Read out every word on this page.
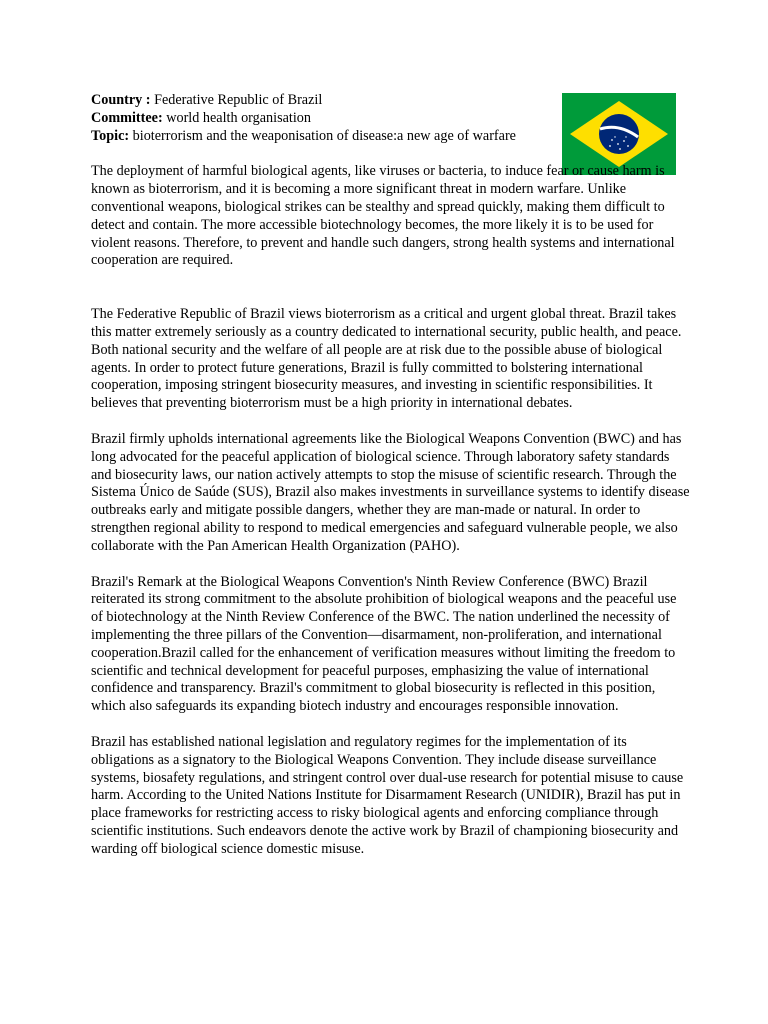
Country : Federative Republic of Brazil

Committee: world health organisation

Topic: bioterrorism and the weaponisation of disease:a new age of warfare

The deployment of harmful biological agents, like viruses or bacteria, to induce fear or cause harm is known as bioterrorism, and it is becoming a more significant threat in modern warfare. Unlike conventional weapons, biological strikes can be stealthy and spread quickly, making them difficult to detect and contain. The more accessible biotechnology becomes, the more likely it is to be used for violent reasons. Therefore, to prevent and handle such dangers, strong health systems and international cooperation are required.

The Federative Republic of Brazil views bioterrorism as a critical and urgent global threat. Brazil takes this matter extremely seriously as a country dedicated to international security, public health, and peace. Both national security and the welfare of all people are at risk due to the possible abuse of biological agents. In order to protect future generations, Brazil is fully committed to bolstering international cooperation, imposing stringent biosecurity measures, and investing in scientific responsibilities. It believes that preventing bioterrorism must be a high priority in international debates.

Brazil firmly upholds international agreements like the Biological Weapons Convention (BWC) and has long advocated for the peaceful application of biological science. Through laboratory safety standards and biosecurity laws, our nation actively attempts to stop the misuse of scientific research. Through the Sistema Único de Saúde (SUS), Brazil also makes investments in surveillance systems to identify disease outbreaks early and mitigate possible dangers, whether they are man-made or natural. In order to strengthen regional ability to respond to medical emergencies and safeguard vulnerable people, we also collaborate with the Pan American Health Organization (PAHO).

Brazil's Remark at the Biological Weapons Convention's Ninth Review Conference (BWC) Brazil reiterated its strong commitment to the absolute prohibition of biological weapons and the peaceful use of biotechnology at the Ninth Review Conference of the BWC. The nation underlined the necessity of implementing the three pillars of the Convention—disarmament, non-proliferation, and international cooperation.Brazil called for the enhancement of verification measures without limiting the freedom to scientific and technical development for peaceful purposes, emphasizing the value of international confidence and transparency. Brazil's commitment to global biosecurity is reflected in this position, which also safeguards its expanding biotech industry and encourages responsible innovation.

Brazil has established national legislation and regulatory regimes for the implementation of its obligations as a signatory to the Biological Weapons Convention. They include disease surveillance systems, biosafety regulations, and stringent control over dual-use research for potential misuse to cause harm. According to the United Nations Institute for Disarmament Research (UNIDIR), Brazil has put in place frameworks for restricting access to risky biological agents and enforcing compliance through scientific institutions. Such endeavors denote the active work by Brazil of championing biosecurity and warding off biological science domestic misuse.
